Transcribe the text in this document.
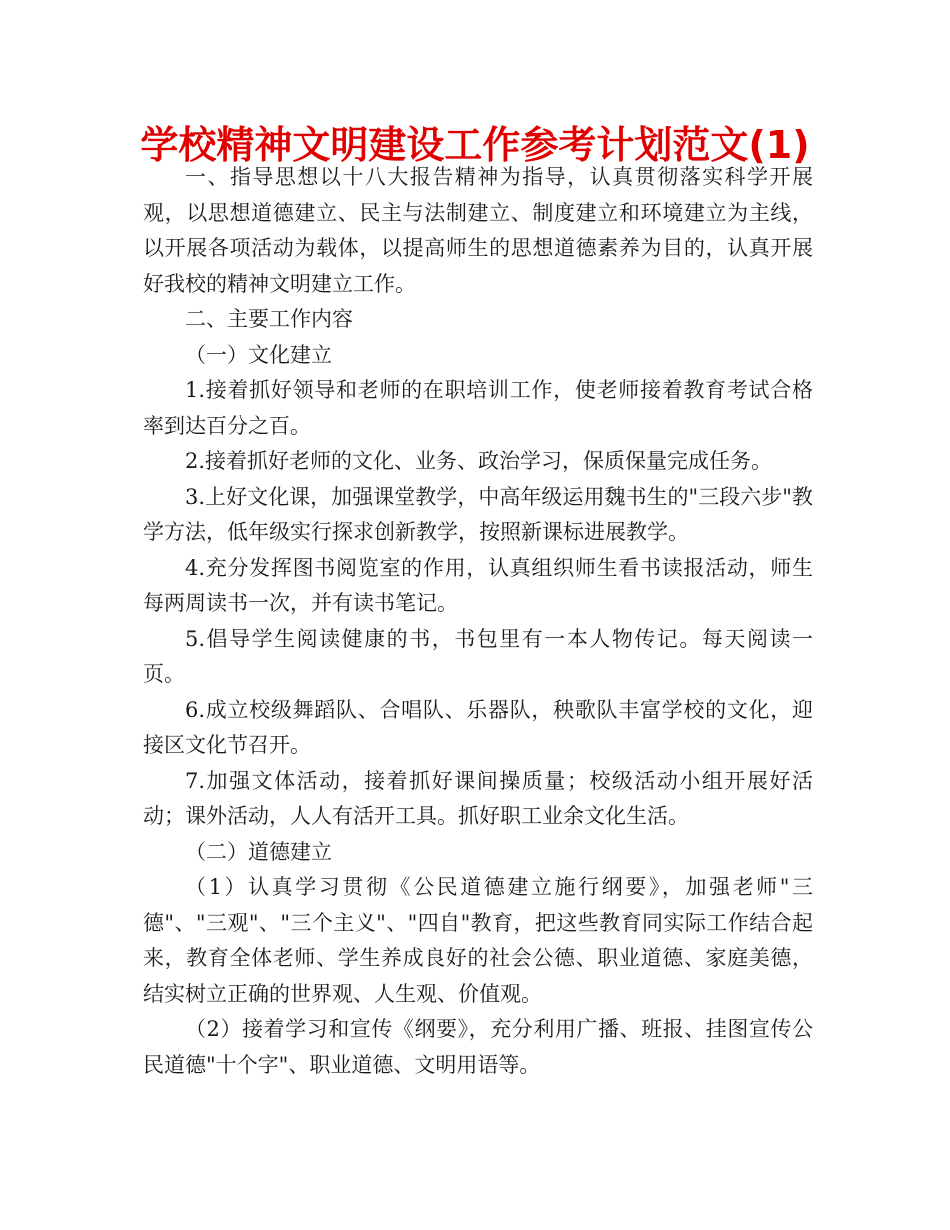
学校精神文明建设工作参考计划范文(1)

一、指导思想以十八大报告精神为指导，认真贯彻落实科学开展观，以思想道德建立、民主与法制建立、制度建立和环境建立为主线，以开展各项活动为载体，以提高师生的思想道德素养为目的，认真开展好我校的精神文明建立工作。

二、主要工作内容

（一）文化建立

1.接着抓好领导和老师的在职培训工作，使老师接着教育考试合格率到达百分之百。

2.接着抓好老师的文化、业务、政治学习，保质保量完成任务。

3.上好文化课，加强课堂教学，中高年级运用魏书生的"三段六步"教学方法，低年级实行探求创新教学，按照新课标进展教学。

4.充分发挥图书阅览室的作用，认真组织师生看书读报活动，师生每两周读书一次，并有读书笔记。

5.倡导学生阅读健康的书，书包里有一本人物传记。每天阅读一页。

6.成立校级舞蹈队、合唱队、乐器队，秧歌队丰富学校的文化，迎接区文化节召开。

7.加强文体活动，接着抓好课间操质量；校级活动小组开展好活动；课外活动，人人有活开工具。抓好职工业余文化生活。

（二）道德建立

（1）认真学习贯彻《公民道德建立施行纲要》，加强老师"三德"、"三观"、"三个主义"、"四自"教育，把这些教育同实际工作结合起来，教育全体老师、学生养成良好的社会公德、职业道德、家庭美德，结实树立正确的世界观、人生观、价值观。

（2）接着学习和宣传《纲要》，充分利用广播、班报、挂图宣传公民道德"十个字"、职业道德、文明用语等。
